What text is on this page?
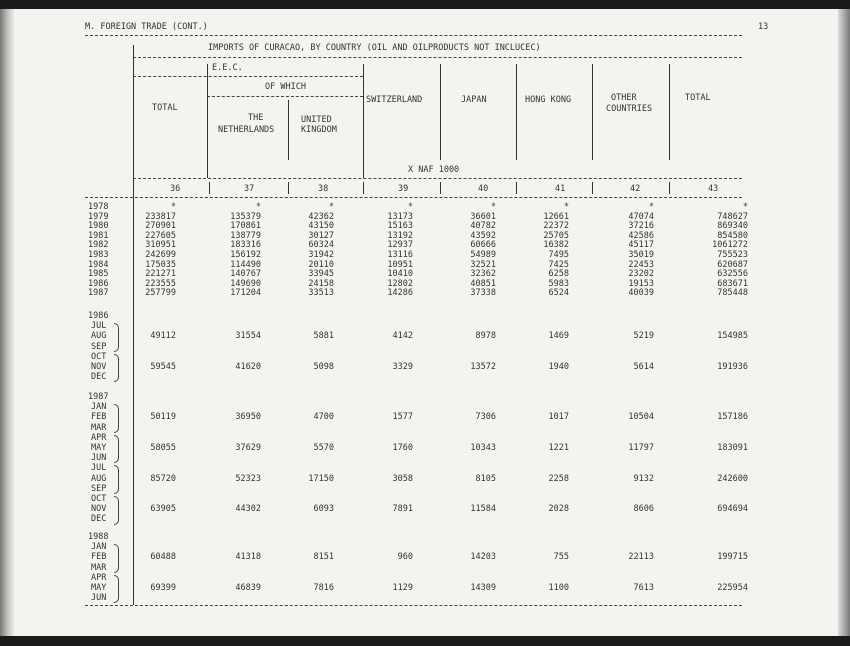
M. FOREIGN TRADE (CONT.)	13
IMPORTS OF CURACAO, BY COUNTRY (OIL AND OILPRODUCTS NOT INCLUCEC)
E.E.C.
OF WHICH
TOTAL
THE
NETHERLANDS
UNITED
KINGDOM
SWITZERLAND	JAPAN	HONG KONG	OTHER
COUNTRIES
TOTAL
X NAF 1000
36	37	38	39	40	41	42	43
1978	*	*	*	*	*	*	*	*
1979	233817	135379	42362	13173	36601	12661	47074	748627
1980	270901	170861	43150	15163	40782	22372	37216	869340
1981	227605	138779	30127	13192	43592	25705	42586	854580
1982	310951	183316	60324	12937	60666	16382	45117	1061272
1983	242699	156192	31942	13116	54989	7495	35019	755523
1984	175035	114490	20110	10951	32521	7425	22453	620687
1985	221271	140767	33945	10410	32362	6258	23202	632556
1986	223555	149690	24158	12802	40851	5983	19153	683671
1987	257799	171204	33513	14286	37338	6524	40039	785448
1986
JUL
AUG
SEP
49112	31554	5881	4142	8978	1469	5219	154985
OCT
NOV
DEC
59545	41620	5098	3329	13572	1940	5614	191936
1987
JAN
FEB
MAR
50119	36950	4700	1577	7306	1017	10504	157186
APR
MAY
JUN
58055	37629	5570	1760	10343	1221	11797	183091
JUL
AUG
SEP
85720	52323	17150	3058	8105	2258	9132	242600
OCT
NOV
DEC
63905	44302	6093	7891	11584	2028	8606	694694
1988
JAN
FEB
MAR
60488	41318	8151	960	14203	755	22113	199715
APR
MAY
JUN
69399	46839	7816	1129	14309	1100	7613	225954
